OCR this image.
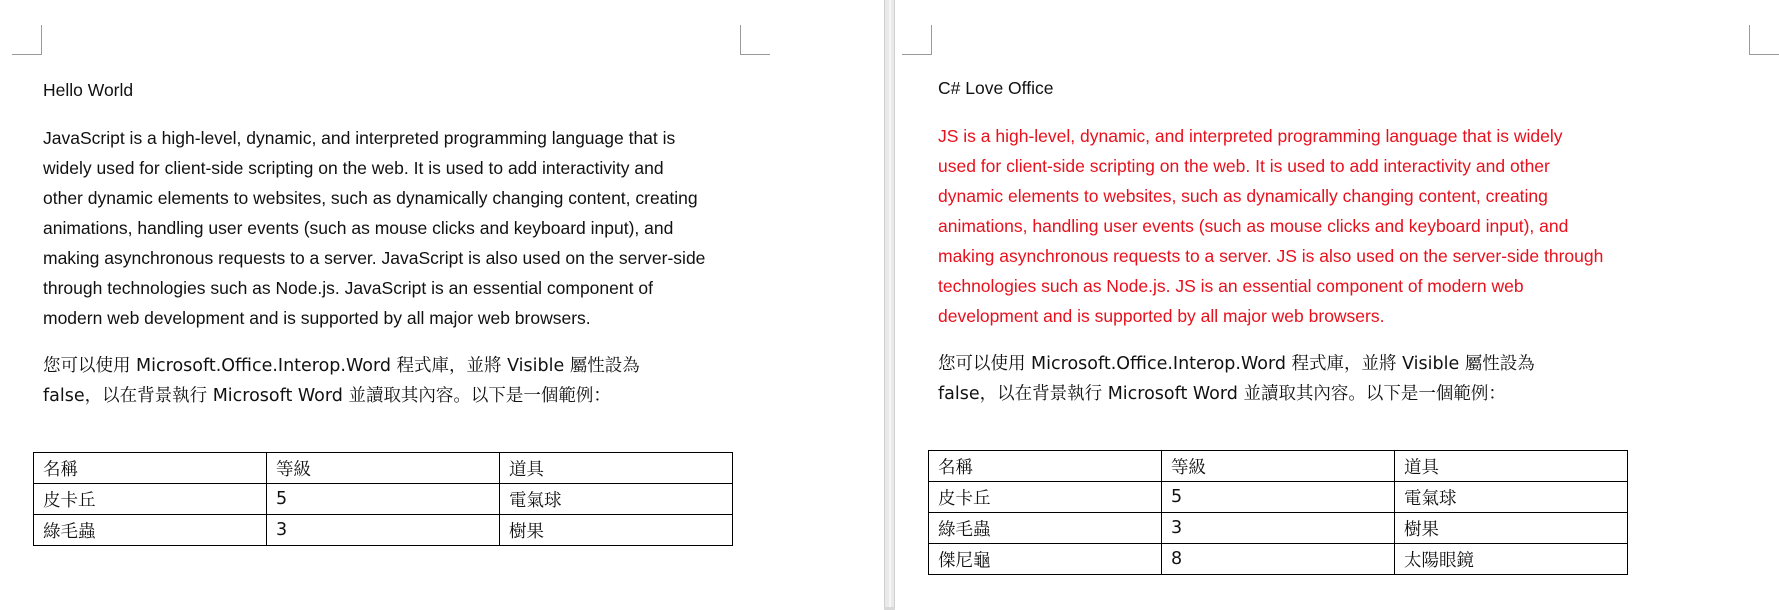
Hello World
JavaScript is a high-level, dynamic, and interpreted programming language that is
widely used for client-side scripting on the web. It is used to add interactivity and
other dynamic elements to websites, such as dynamically changing content, creating
animations, handling user events (such as mouse clicks and keyboard input), and
making asynchronous requests to a server. JavaScript is also used on the server-side
through technologies such as Node.js. JavaScript is an essential component of
modern web development and is supported by all major web browsers.
您可以使用 Microsoft.Office.Interop.Word 程式庫，並將 Visible 屬性設為
false，以在背景執行 Microsoft Word 並讀取其內容。以下是一個範例：
名稱	等級	道具
皮卡丘	5	電氣球
綠毛蟲	3	樹果
C# Love Office
JS is a high-level, dynamic, and interpreted programming language that is widely
used for client-side scripting on the web. It is used to add interactivity and other
dynamic elements to websites, such as dynamically changing content, creating
animations, handling user events (such as mouse clicks and keyboard input), and
making asynchronous requests to a server. JS is also used on the server-side through
technologies such as Node.js. JS is an essential component of modern web
development and is supported by all major web browsers.
您可以使用 Microsoft.Office.Interop.Word 程式庫，並將 Visible 屬性設為
false，以在背景執行 Microsoft Word 並讀取其內容。以下是一個範例：
名稱	等級	道具
皮卡丘	5	電氣球
綠毛蟲	3	樹果
傑尼龜	8	太陽眼鏡
